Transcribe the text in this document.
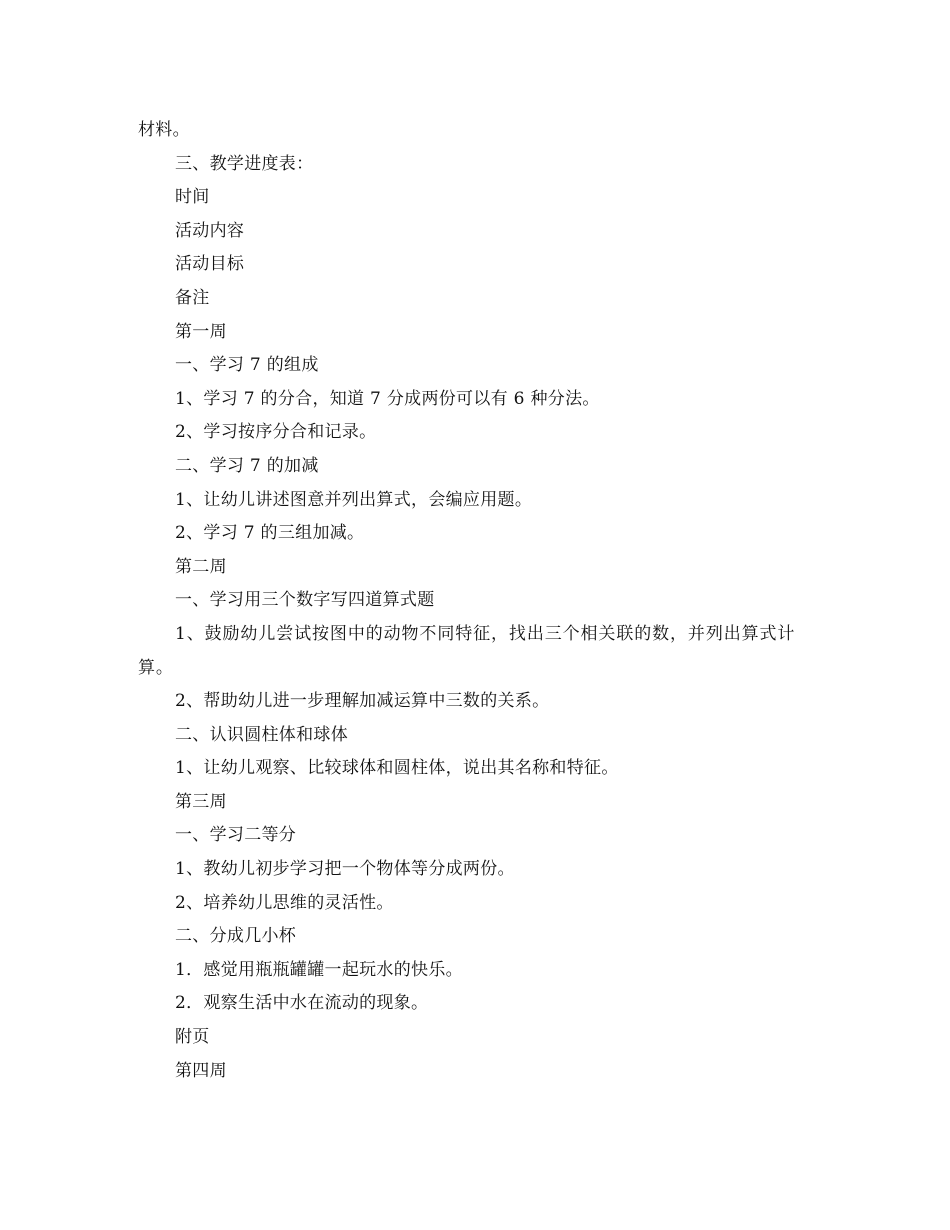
材料。
三、教学进度表：
时间
活动内容
活动目标
备注
第一周
一、学习 7 的组成
1、学习 7 的分合，知道 7 分成两份可以有 6 种分法。
2、学习按序分合和记录。
二、学习 7 的加减
1、让幼儿讲述图意并列出算式，会编应用题。
2、学习 7 的三组加减。
第二周
一、学习用三个数字写四道算式题
1、鼓励幼儿尝试按图中的动物不同特征，找出三个相关联的数，并列出算式计算。
2、帮助幼儿进一步理解加减运算中三数的关系。
二、认识圆柱体和球体
1、让幼儿观察、比较球体和圆柱体，说出其名称和特征。
第三周
一、学习二等分
1、教幼儿初步学习把一个物体等分成两份。
2、培养幼儿思维的灵活性。
二、分成几小杯
1．感觉用瓶瓶罐罐一起玩水的快乐。
2．观察生活中水在流动的现象。
附页
第四周
